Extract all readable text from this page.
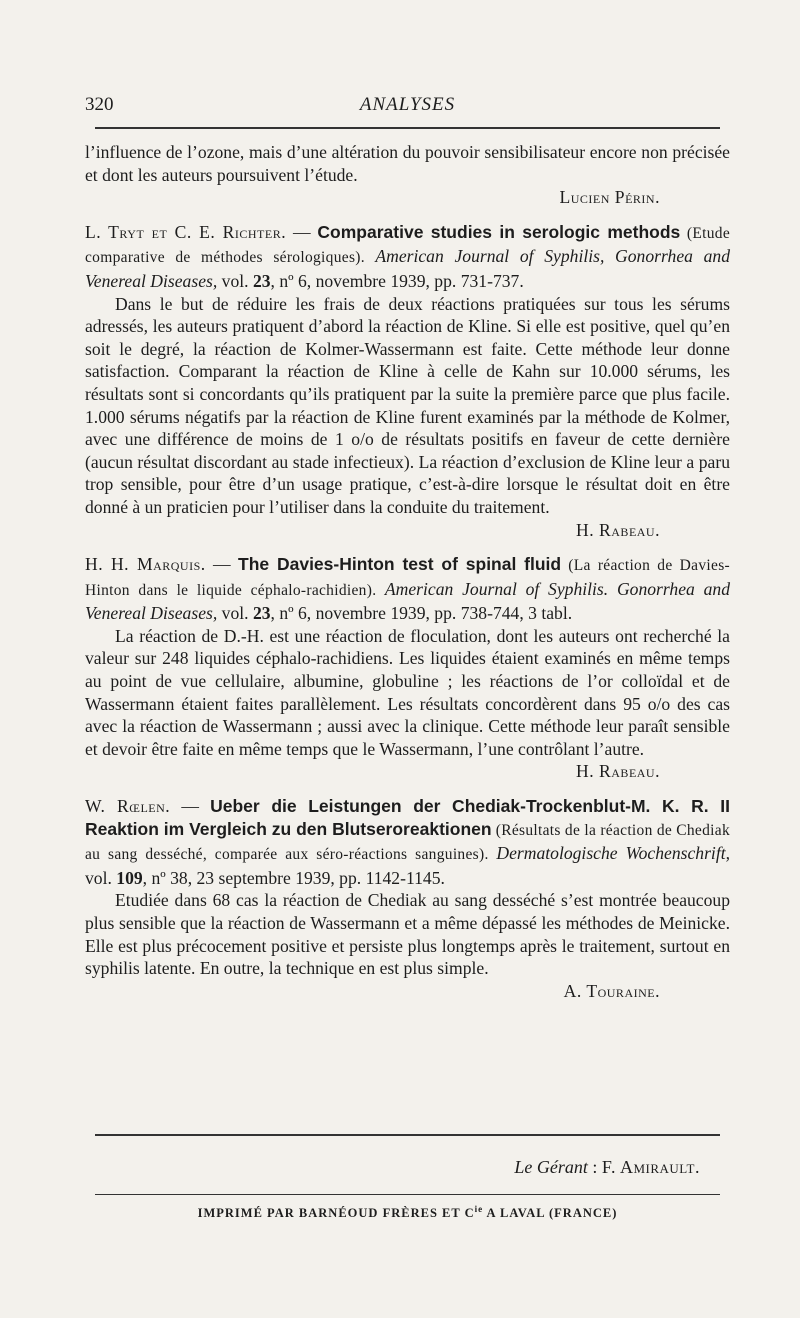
320	ANALYSES

l’influence de l’ozone, mais d’une altération du pouvoir sensibilisateur encore non précisée et dont les auteurs poursuivent l’étude.

Lucien Périn.

L. Tryt et C. E. Richter. — Comparative studies in serologic methods (Etude comparative de méthodes sérologiques). American Journal of Syphilis, Gonorrhea and Venereal Diseases, vol. 23, nº 6, novembre 1939, pp. 731-737.

Dans le but de réduire les frais de deux réactions pratiquées sur tous les sérums adressés, les auteurs pratiquent d’abord la réaction de Kline. Si elle est positive, quel qu’en soit le degré, la réaction de Kolmer-Wassermann est faite. Cette méthode leur donne satisfaction. Comparant la réaction de Kline à celle de Kahn sur 10.000 sérums, les résultats sont si concordants qu’ils pratiquent par la suite la première parce que plus facile. 1.000 sérums négatifs par la réaction de Kline furent examinés par la méthode de Kolmer, avec une différence de moins de 1 o/o de résultats positifs en faveur de cette dernière (aucun résultat discordant au stade infectieux). La réaction d’exclusion de Kline leur a paru trop sensible, pour être d’un usage pratique, c’est-à-dire lorsque le résultat doit en être donné à un praticien pour l’utiliser dans la conduite du traitement.

H. Rabeau.

H. H. Marquis. — The Davies-Hinton test of spinal fluid (La réaction de Davies-Hinton dans le liquide céphalo-rachidien). American Journal of Syphilis. Gonorrhea and Venereal Diseases, vol. 23, nº 6, novembre 1939, pp. 738-744, 3 tabl.

La réaction de D.-H. est une réaction de floculation, dont les auteurs ont recherché la valeur sur 248 liquides céphalo-rachidiens. Les liquides étaient examinés en même temps au point de vue cellulaire, albumine, globuline ; les réactions de l’or colloïdal et de Wassermann étaient faites parallèlement. Les résultats concordèrent dans 95 o/o des cas avec la réaction de Wassermann ; aussi avec la clinique. Cette méthode leur paraît sensible et devoir être faite en même temps que le Wassermann, l’une contrôlant l’autre.

H. Rabeau.

W. Rœlen. — Ueber die Leistungen der Chediak-Trockenblut-M. K. R. II Reaktion im Vergleich zu den Blutseroreaktionen (Résultats de la réaction de Chediak au sang desséché, comparée aux séro-réactions sanguines). Dermatologische Wochenschrift, vol. 109, nº 38, 23 septembre 1939, pp. 1142-1145.

Etudiée dans 68 cas la réaction de Chediak au sang desséché s’est montrée beaucoup plus sensible que la réaction de Wassermann et a même dépassé les méthodes de Meinicke. Elle est plus précocement positive et persiste plus longtemps après le traitement, surtout en syphilis latente. En outre, la technique en est plus simple.

A. Touraine.

Le Gérant : F. Amirault.
IMPRIMÉ PAR BARNÉOUD FRÈRES ET $C^{ie}$ A LAVAL (FRANCE)
